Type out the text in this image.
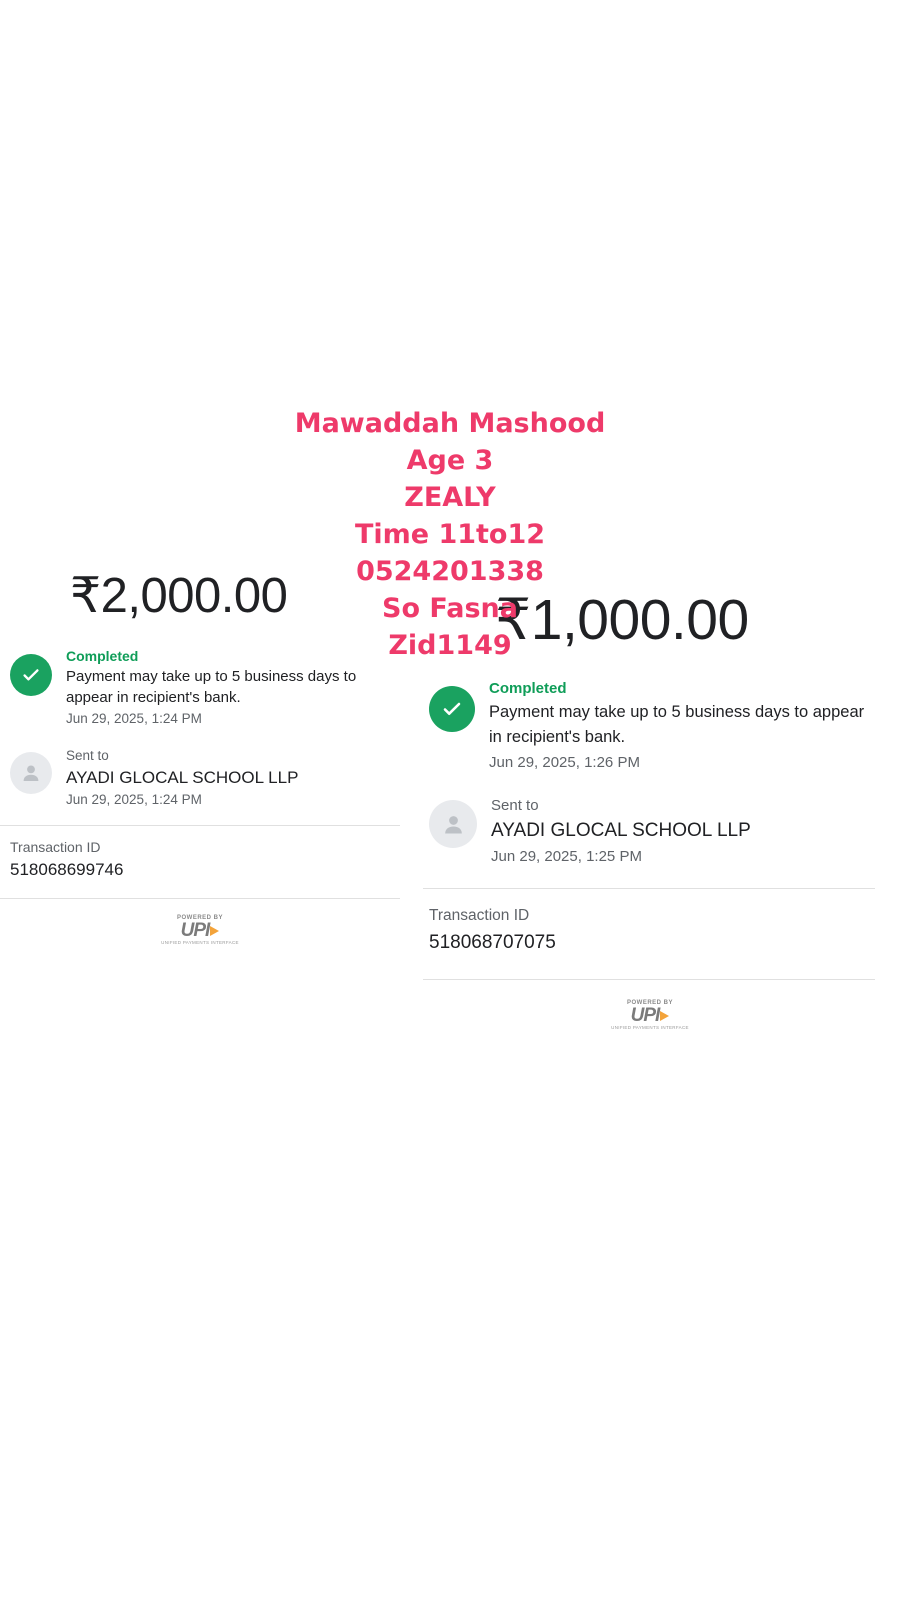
₹2,000.00
Completed
Payment may take up to 5 business days to appear in recipient's bank.
Jun 29, 2025, 1:24 PM
Sent to
AYADI GLOCAL SCHOOL LLP
Jun 29, 2025, 1:24 PM
Transaction ID
518068699746
POWERED BY
UPI
UNIFIED PAYMENTS INTERFACE
₹1,000.00
Completed
Payment may take up to 5 business days to appear in recipient's bank.
Jun 29, 2025, 1:26 PM
Sent to
AYADI GLOCAL SCHOOL LLP
Jun 29, 2025, 1:25 PM
Transaction ID
518068707075
POWERED BY
UPI
UNIFIED PAYMENTS INTERFACE
Mawaddah Mashood
Age 3
ZEALY
Time 11to12
0524201338
So Fasna
Zid1149
